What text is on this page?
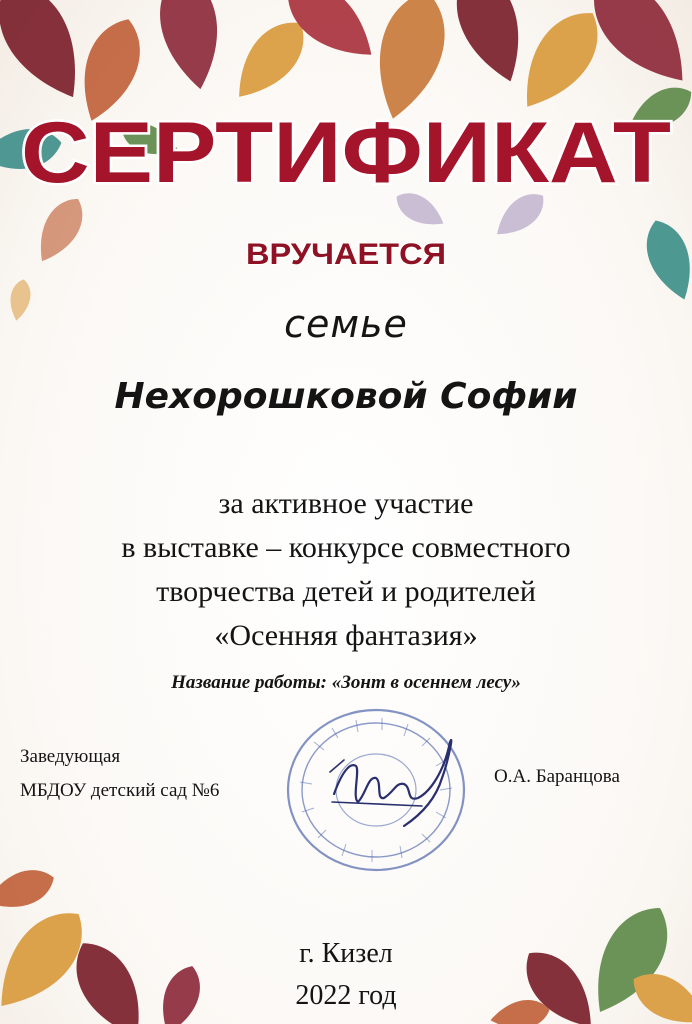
СЕРТИФИКАТ
ВРУЧАЕТСЯ
семье
Нехорошковой Софии
за активное участие
в выставке – конкурсе совместного
творчества детей и родителей
«Осенняя фантазия»
Название работы: «Зонт в осеннем лесу»
Заведующая
МБДОУ детский сад №6
О.А. Баранцова
г. Кизел
2022 год
